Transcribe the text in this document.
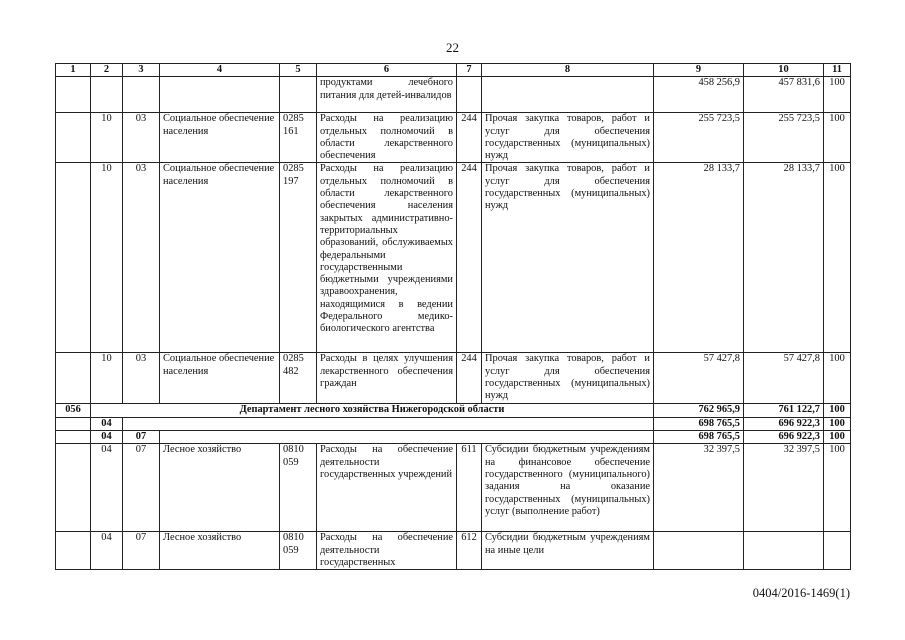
22
1	2	3	4	5	6	7	8	9	10	11
					продуктами лечебного питания для детей-инвалидов			458 256,9	457 831,6	100
	10	03	Социальное обеспечение населения	0285 161	Расходы на реализацию отдельных полномочий в области лекарственного обеспечения	244	Прочая закупка товаров, работ и услуг для обеспечения государственных (муниципальных) нужд	255 723,5	255 723,5	100
	10	03	Социальное обеспечение населения	0285 197	Расходы на реализацию отдельных полномочий в области лекарственного обеспечения населения закрытых административно-территориальных образований, обслуживаемых федеральными государственными бюджетными учреждениями здравоохранения, находящимися в ведении Федерального медико-биологического агентства	244	Прочая закупка товаров, работ и услуг для обеспечения государственных (муниципальных) нужд	28 133,7	28 133,7	100
	10	03	Социальное обеспечение населения	0285 482	Расходы в целях улучшения лекарственного обеспечения граждан	244	Прочая закупка товаров, работ и услуг для обеспечения государственных (муниципальных) нужд	57 427,8	57 427,8	100
056	Департамент лесного хозяйства Нижегородской области							762 965,9	761 122,7	100
	04							698 765,5	696 922,3	100
	04	07						698 765,5	696 922,3	100
	04	07	Лесное хозяйство	0810 059	Расходы на обеспечение деятельности государственных учреждений	611	Субсидии бюджетным учреждениям на финансовое обеспечение государственного (муниципального) задания на оказание государственных (муниципальных) услуг (выполнение работ)	32 397,5	32 397,5	100
	04	07	Лесное хозяйство	0810 059	Расходы на обеспечение деятельности государственных	612	Субсидии бюджетным учреждениям на иные цели			
0404/2016-1469(1)
